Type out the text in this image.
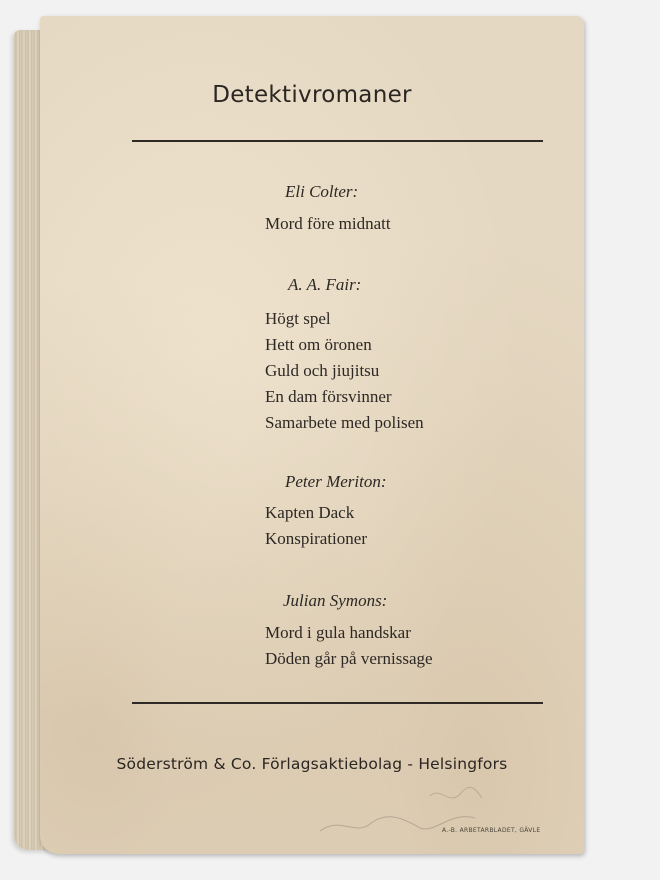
Detektivromaner
Eli Colter:
Mord före midnatt
A. A. Fair:
Högt spel
Hett om öronen
Guld och jiujitsu
En dam försvinner
Samarbete med polisen
Peter Meriton:
Kapten Dack
Konspirationer
Julian Symons:
Mord i gula handskar
Döden går på vernissage
Söderström & Co. Förlagsaktiebolag - Helsingfors
A.-B. ARBETARBLADET, GÄVLE
